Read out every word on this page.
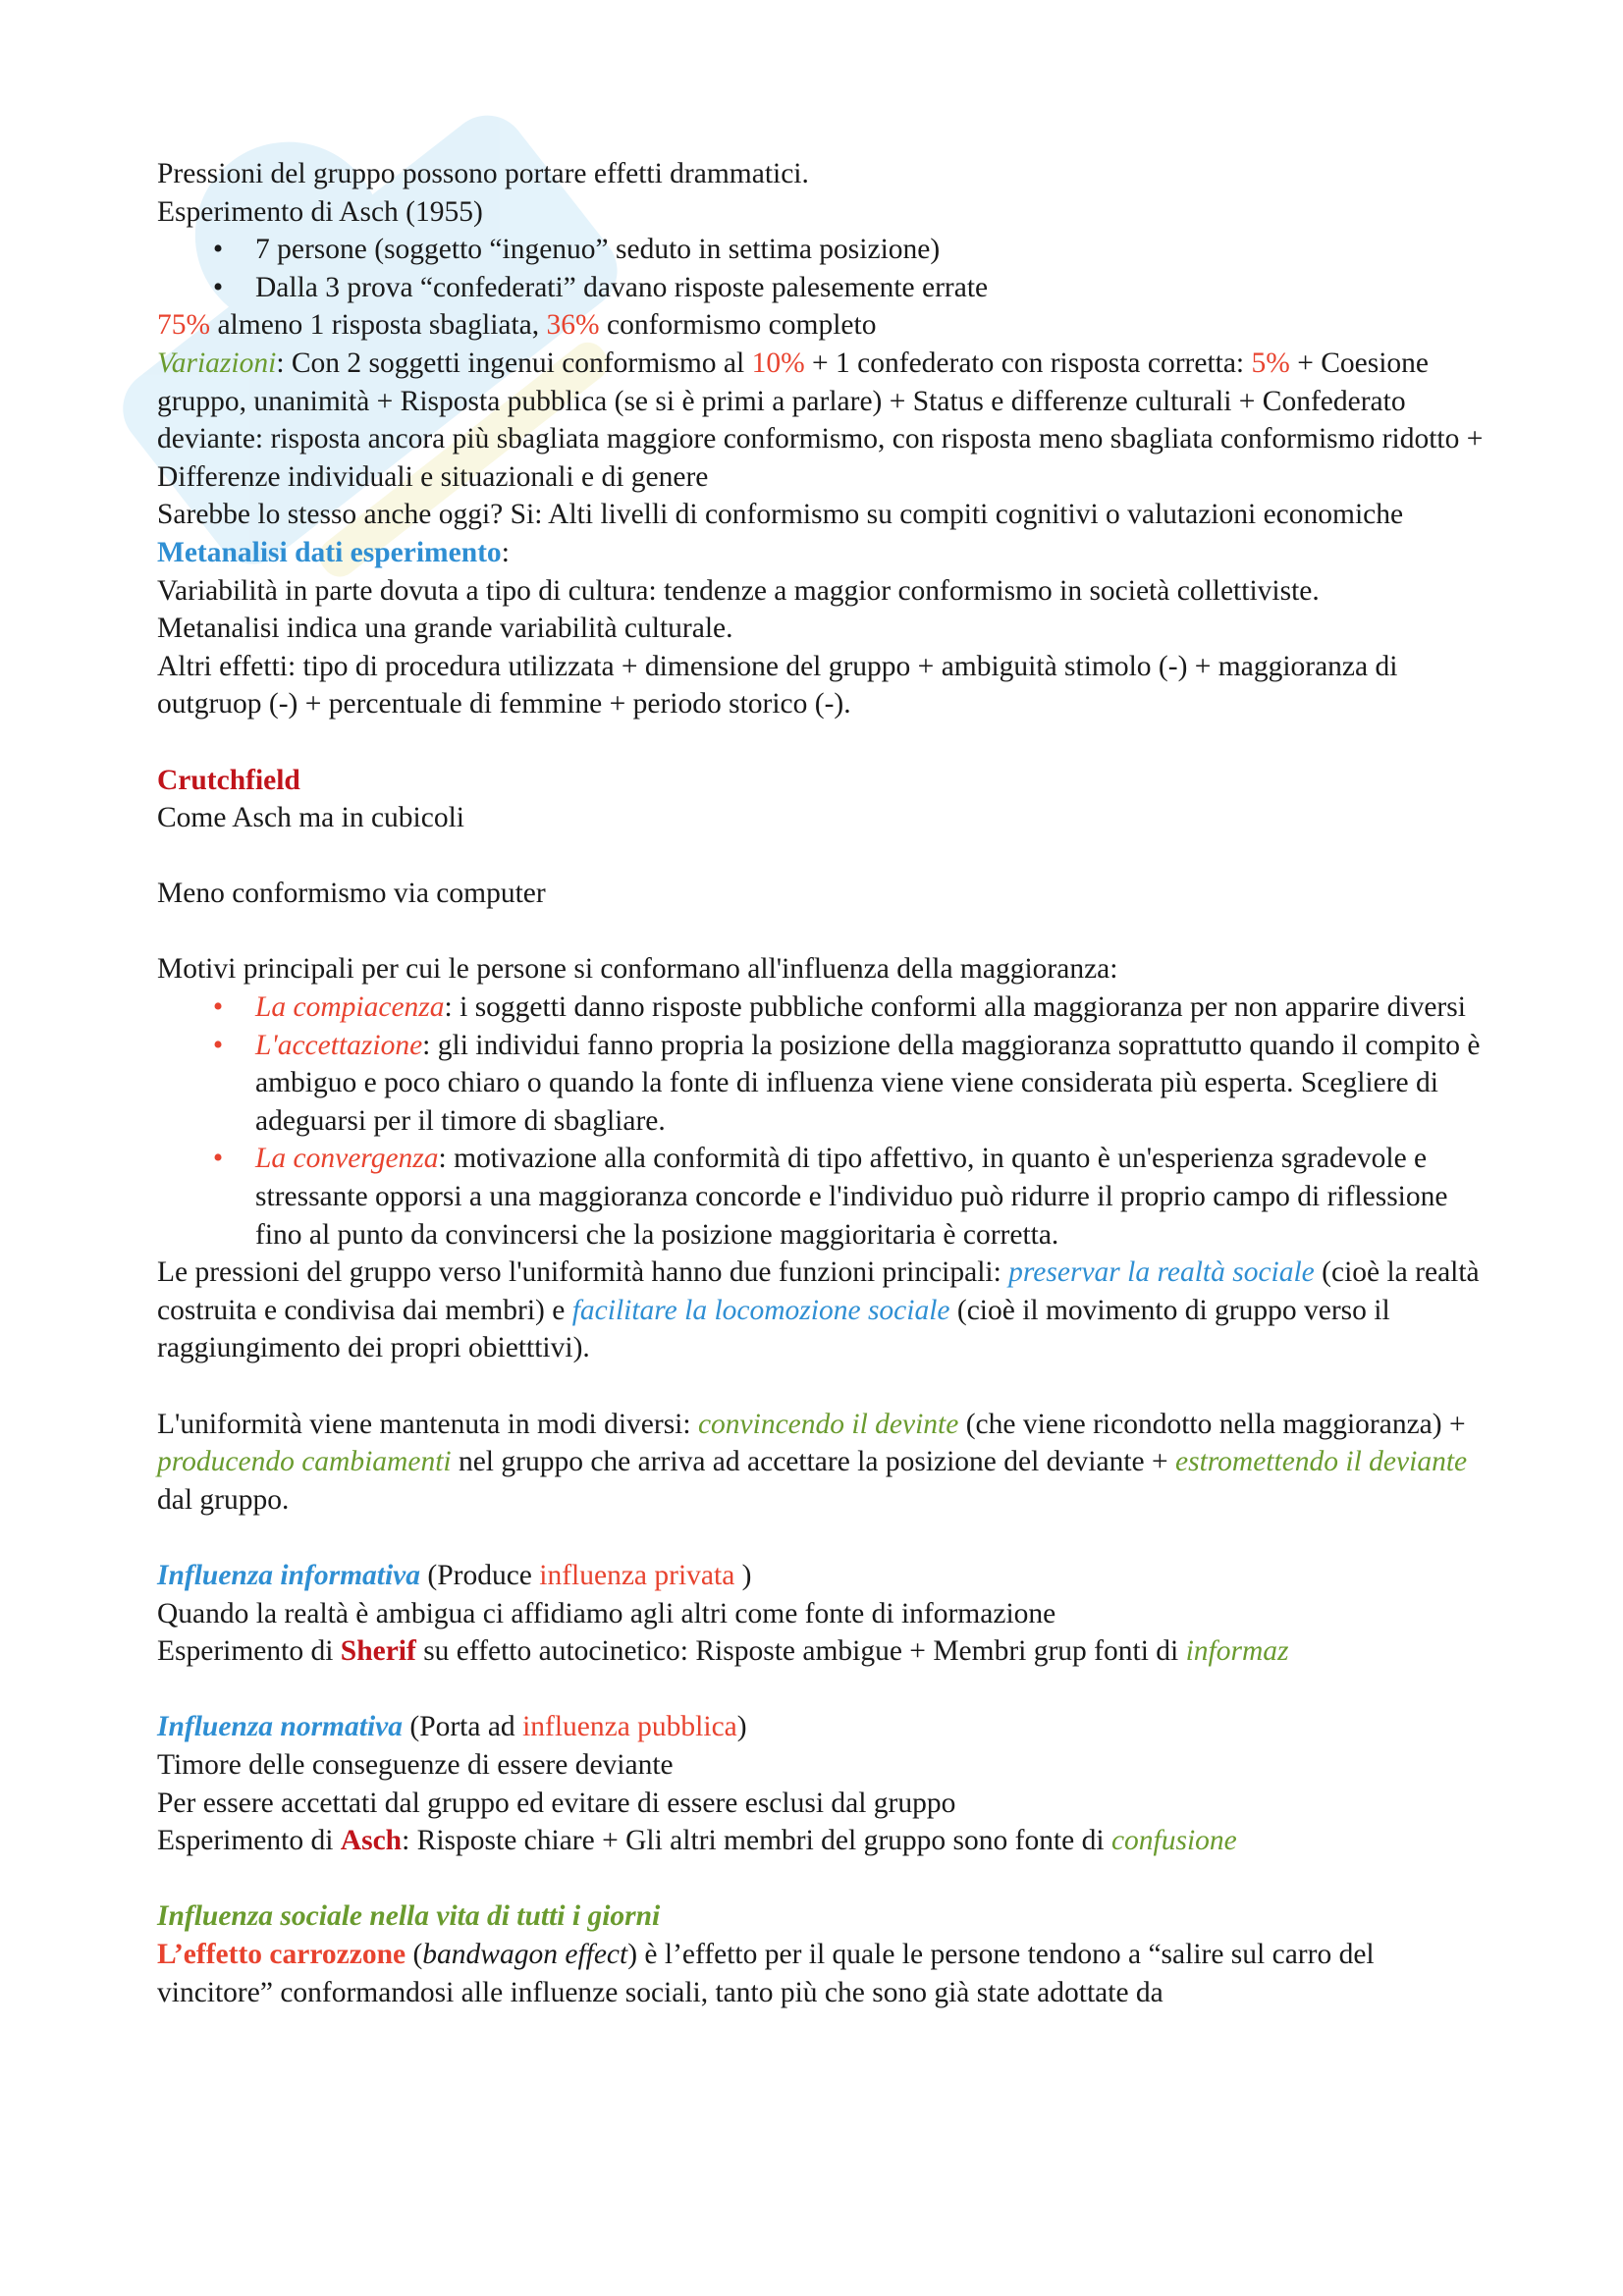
Pressioni del gruppo possono portare effetti drammatici.

Esperimento di Asch (1955)

• 7 persone (soggetto “ingenuo” seduto in settima posizione)
• Dalla 3 prova “confederati” davano risposte palesemente errate

75% almeno 1 risposta sbagliata, 36% conformismo completo

Variazioni: Con 2 soggetti ingenui conformismo al 10% + 1 confederato con risposta corretta: 5% + Coesione gruppo, unanimità + Risposta pubblica (se si è primi a parlare) + Status e differenze culturali + Confederato deviante: risposta ancora più sbagliata maggiore conformismo, con risposta meno sbagliata conformismo ridotto + Differenze individuali e situazionali e di genere

Sarebbe lo stesso anche oggi? Si: Alti livelli di conformismo su compiti cognitivi o valutazioni economiche

Metanalisi dati esperimento:

Variabilità in parte dovuta a tipo di cultura: tendenze a maggior conformismo in società collettiviste.

Metanalisi indica una grande variabilità culturale.

Altri effetti: tipo di procedura utilizzata + dimensione del gruppo + ambiguità stimolo (-) + maggioranza di outgruop (-) + percentuale di femmine + periodo storico (-).

Crutchfield

Come Asch ma in cubicoli

Meno conformismo via computer

Motivi principali per cui le persone si conformano all'influenza della maggioranza:

• La compiacenza: i soggetti danno risposte pubbliche conformi alla maggioranza per non apparire diversi
• L'accettazione: gli individui fanno propria la posizione della maggioranza soprattutto quando il compito è ambiguo e poco chiaro o quando la fonte di influenza viene viene considerata più esperta. Scegliere di adeguarsi per il timore di sbagliare.
• La convergenza: motivazione alla conformità di tipo affettivo, in quanto è un'esperienza sgradevole e stressante opporsi a una maggioranza concorde e l'individuo può ridurre il proprio campo di riflessione fino al punto da convincersi che la posizione maggioritaria è corretta.

Le pressioni del gruppo verso l'uniformità hanno due funzioni principali: preservar la realtà sociale (cioè la realtà costruita e condivisa dai membri) e facilitare la locomozione sociale (cioè il movimento di gruppo verso il raggiungimento dei propri obietttivi).

L'uniformità viene mantenuta in modi diversi: convincendo il devinte (che viene ricondotto nella maggioranza) + producendo cambiamenti nel gruppo che arriva ad accettare la posizione del deviante + estromettendo il deviante dal gruppo.

Influenza informativa (Produce influenza privata )

Quando la realtà è ambigua ci affidiamo agli altri come fonte di informazione

Esperimento di Sherif su effetto autocinetico: Risposte ambigue + Membri grup fonti di informaz

Influenza normativa (Porta ad influenza pubblica)

Timore delle conseguenze di essere deviante

Per essere accettati dal gruppo ed evitare di essere esclusi dal gruppo

Esperimento di Asch: Risposte chiare + Gli altri membri del gruppo sono fonte di confusione

Influenza sociale nella vita di tutti i giorni

L’effetto carrozzone (bandwagon effect) è l’effetto per il quale le persone tendono a “salire sul carro del vincitore” conformandosi alle influenze sociali, tanto più che sono già state adottate da
